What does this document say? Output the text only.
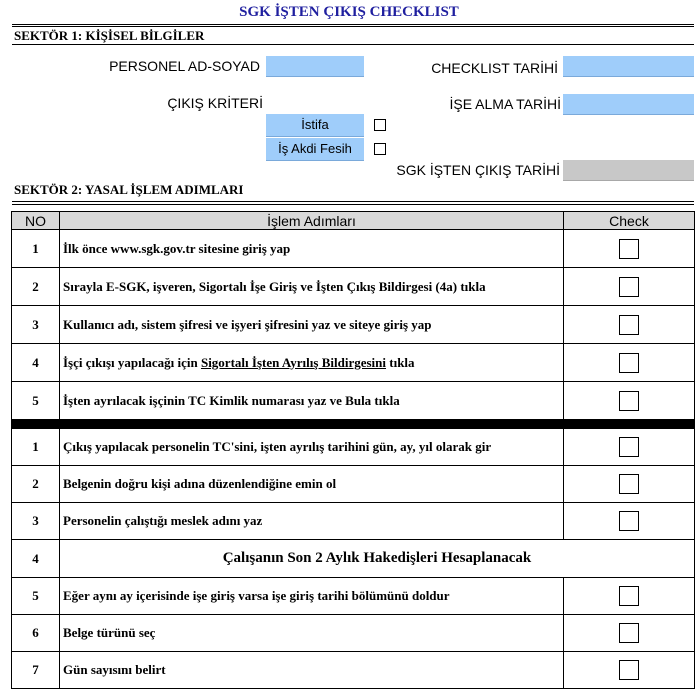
SGK İŞTEN ÇIKIŞ CHECKLIST
SEKTÖR 1: KİŞİSEL BİLGİLER
PERSONEL AD-SOYAD	CHECKLIST TARİHİ
ÇIKIŞ KRİTERİ	İŞE ALMA TARİHİ
İstifa
İş Akdi Fesih
SGK İŞTEN ÇIKIŞ TARİHİ
SEKTÖR 2: YASAL İŞLEM ADIMLARI
NO	İşlem Adımları	Check
1	İlk önce www.sgk.gov.tr sitesine giriş yap	
2	Sırayla E-SGK, işveren, Sigortalı İşe Giriş ve İşten Çıkış Bildirgesi (4a) tıkla	
3	Kullanıcı adı, sistem şifresi ve işyeri şifresini yaz ve siteye giriş yap	
4	İşçi çıkışı yapılacağı için Sigortalı İşten Ayrılış Bildirgesini tıkla	
5	İşten ayrılacak işçinin TC Kimlik numarası yaz ve Bula tıkla	

1	Çıkış yapılacak personelin TC'sini, işten ayrılış tarihini gün, ay, yıl olarak gir	
2	Belgenin doğru kişi adına düzenlendiğine emin ol	
3	Personelin çalıştığı meslek adını yaz	
4	Çalışanın Son 2 Aylık Hakedişleri Hesaplanacak	
5	Eğer aynı ay içerisinde işe giriş varsa işe giriş tarihi bölümünü doldur	
6	Belge türünü seç	
7	Gün sayısını belirt	
